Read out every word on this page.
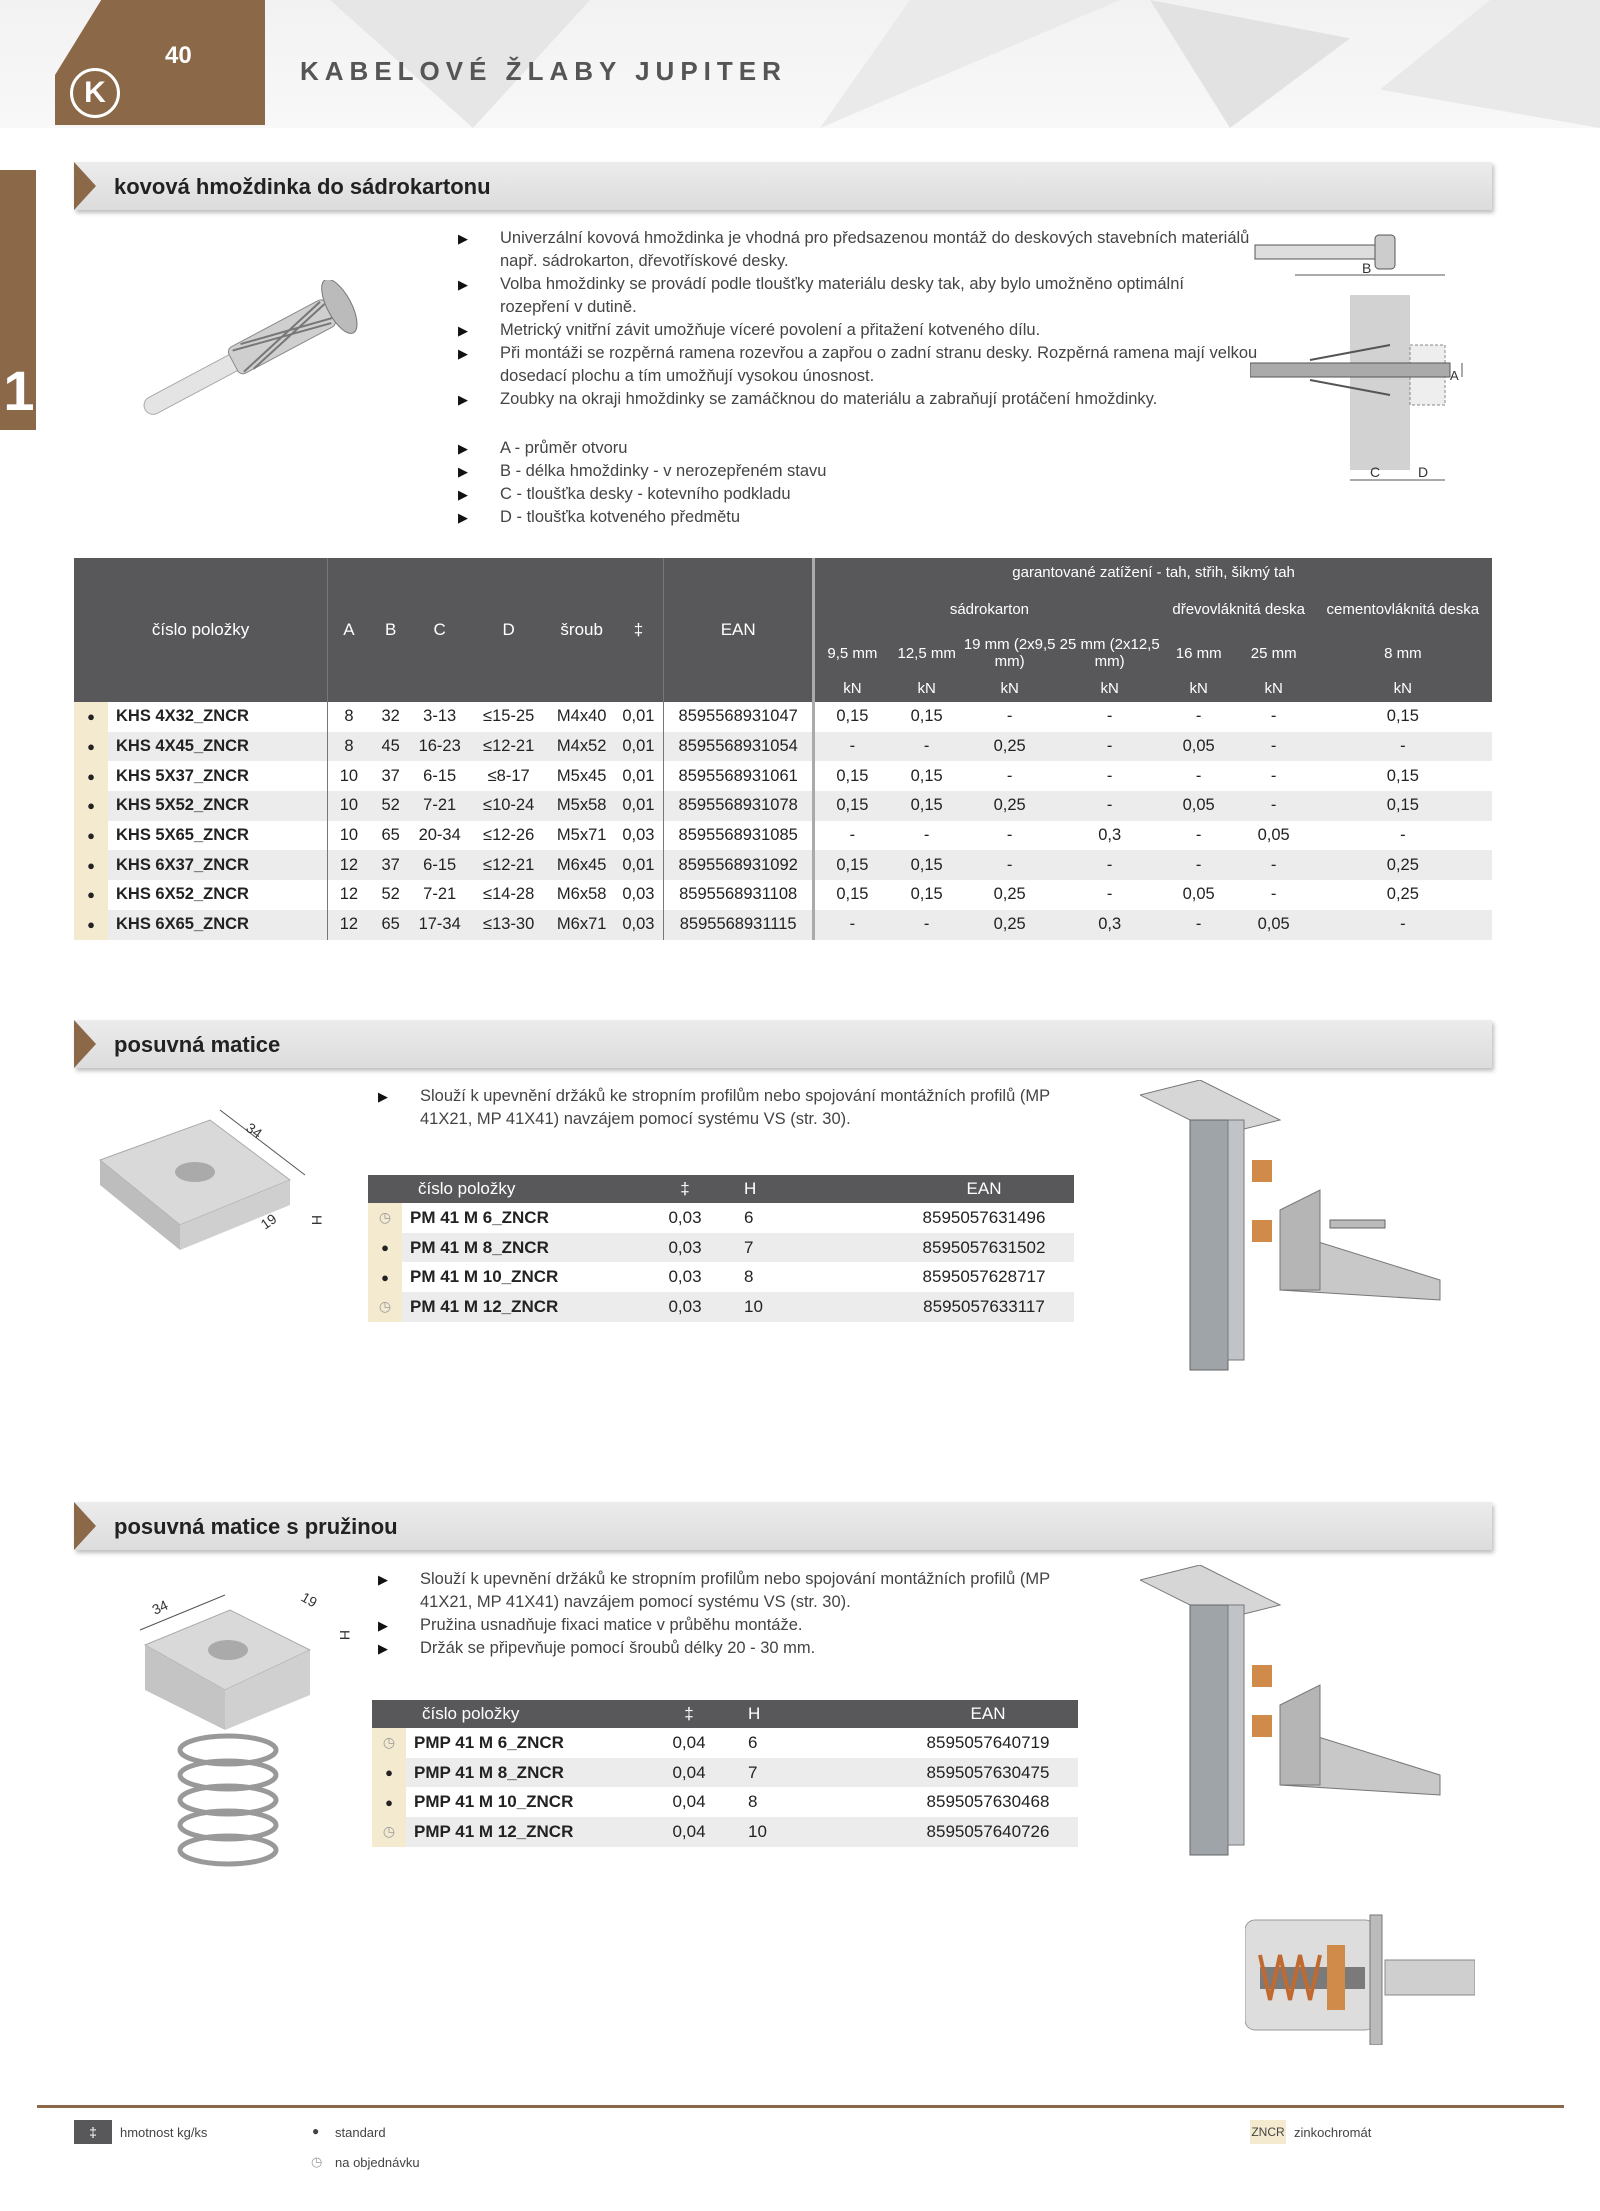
40
K
KABELOVÉ ŽLABY JUPITER
1
kovová hmoždinka do sádrokartonu
▶ Univerzální kovová hmoždinka je vhodná pro předsazenou montáž do deskových stavebních materiálů např. sádrokarton, dřevotřískové desky.
▶ Volba hmoždinky se provádí podle tloušťky materiálu desky tak, aby bylo umožněno optimální rozepření v dutině.
▶ Metrický vnitřní závit umožňuje víceré povolení a přitažení kotveného dílu.
▶ Při montáži se rozpěrná ramena rozevřou a zapřou o zadní stranu desky. Rozpěrná ramena mají velkou dosedací plochu a tím umožňují vysokou únosnost.
▶ Zoubky na okraji hmoždinky se zamáčknou do materiálu a zabraňují protáčení hmoždinky.
▶ A - průměr otvoru
▶ B - délka hmoždinky - v nerozepřeném stavu
▶ C - tloušťka desky - kotevního podkladu
▶ D - tloušťka kotveného předmětu
B
A
C	D
číslo položky		A	B	C	D	šroub	‡	EAN	garantované zatížení - tah, střih, šikmý tah						
									sádrokarton				dřevovláknitá deska		cementovláknitá deska
									9,5 mm	12,5 mm	19 mm (2x9,5 mm)	25 mm (2x12,5 mm)	16 mm	25 mm	8 mm
									kN	kN	kN	kN	kN	kN	kN
●	KHS 4X32_ZNCR	8	32	3-13	≤15-25	M4x40	0,01	8595568931047	0,15	0,15	-	-	-	-	0,15
●	KHS 4X45_ZNCR	8	45	16-23	≤12-21	M4x52	0,01	8595568931054	-	-	0,25	-	0,05	-	-
●	KHS 5X37_ZNCR	10	37	6-15	≤8-17	M5x45	0,01	8595568931061	0,15	0,15	-	-	-	-	0,15
●	KHS 5X52_ZNCR	10	52	7-21	≤10-24	M5x58	0,01	8595568931078	0,15	0,15	0,25	-	0,05	-	0,15
●	KHS 5X65_ZNCR	10	65	20-34	≤12-26	M5x71	0,03	8595568931085	-	-	-	0,3	-	0,05	-
●	KHS 6X37_ZNCR	12	37	6-15	≤12-21	M6x45	0,01	8595568931092	0,15	0,15	-	-	-	-	0,25
●	KHS 6X52_ZNCR	12	52	7-21	≤14-28	M6x58	0,03	8595568931108	0,15	0,15	0,25	-	0,05	-	0,25
●	KHS 6X65_ZNCR	12	65	17-34	≤13-30	M6x71	0,03	8595568931115	-	-	0,25	0,3	-	0,05	-
posuvná matice
34
19 H
▶ Slouží k upevnění držáků ke stropním profilům nebo spojování montážních profilů (MP 41X21, MP 41X41) navzájem pomocí systému VS (str. 30).
číslo položky		‡	H	EAN
◷	PM 41 M 6_ZNCR	0,03	6	8595057631496
●	PM 41 M 8_ZNCR	0,03	7	8595057631502
●	PM 41 M 10_ZNCR	0,03	8	8595057628717
◷	PM 41 M 12_ZNCR	0,03	10	8595057633117
posuvná matice s pružinou
34	19
H
▶ Slouží k upevnění držáků ke stropním profilům nebo spojování montážních profilů (MP 41X21, MP 41X41) navzájem pomocí systému VS (str. 30).
▶ Pružina usnadňuje fixaci matice v průběhu montáže.
▶ Držák se připevňuje pomocí šroubů délky 20 - 30 mm.
číslo položky		‡	H	EAN
◷	PMP 41 M 6_ZNCR	0,04	6	8595057640719
●	PMP 41 M 8_ZNCR	0,04	7	8595057630475
●	PMP 41 M 10_ZNCR	0,04	8	8595057630468
◷	PMP 41 M 12_ZNCR	0,04	10	8595057640726
‡	hmotnost kg/ks	● standard
◷ na objednávku
ZNCR zinkochromát
